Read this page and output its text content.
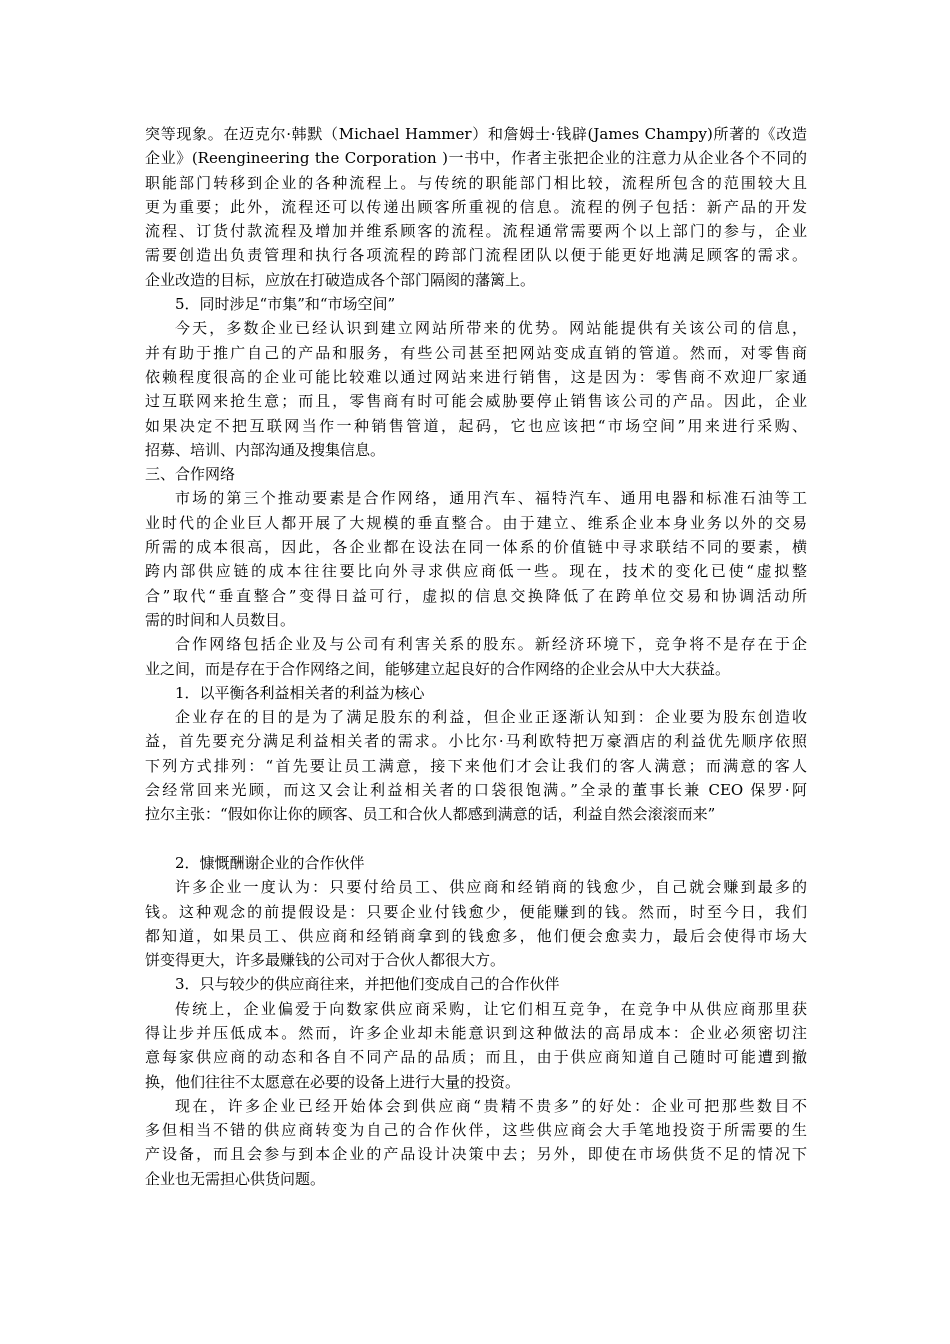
突等现象。在迈克尔·韩默（Michael Hammer）和詹姆士·钱辟(James Champy)所著的《改造
企业》(Reengineering the Corporation )一书中，作者主张把企业的注意力从企业各个不同的
职能部门转移到企业的各种流程上。与传统的职能部门相比较，流程所包含的范围较大且
更为重要；此外，流程还可以传递出顾客所重视的信息。流程的例子包括：新产品的开发
流程、订货付款流程及增加并维系顾客的流程。流程通常需要两个以上部门的参与，企业
需要创造出负责管理和执行各项流程的跨部门流程团队以便于能更好地满足顾客的需求。
企业改造的目标，应放在打破造成各个部门隔阂的藩篱上。
5．同时涉足“市集”和“市场空间”
今天，多数企业已经认识到建立网站所带来的优势。网站能提供有关该公司的信息，
并有助于推广自己的产品和服务，有些公司甚至把网站变成直销的管道。然而，对零售商
依赖程度很高的企业可能比较难以通过网站来进行销售，这是因为：零售商不欢迎厂家通
过互联网来抢生意；而且，零售商有时可能会威胁要停止销售该公司的产品。因此，企业
如果决定不把互联网当作一种销售管道，起码，它也应该把“市场空间”用来进行采购、
招募、培训、内部沟通及搜集信息。
三、合作网络
市场的第三个推动要素是合作网络，通用汽车、福特汽车、通用电器和标准石油等工
业时代的企业巨人都开展了大规模的垂直整合。由于建立、维系企业本身业务以外的交易
所需的成本很高，因此，各企业都在设法在同一体系的价值链中寻求联结不同的要素，横
跨内部供应链的成本往往要比向外寻求供应商低一些。现在，技术的变化已使“虚拟整
合”取代“垂直整合”变得日益可行，虚拟的信息交换降低了在跨单位交易和协调活动所
需的时间和人员数目。
合作网络包括企业及与公司有利害关系的股东。新经济环境下，竞争将不是存在于企
业之间，而是存在于合作网络之间，能够建立起良好的合作网络的企业会从中大大获益。
1．以平衡各利益相关者的利益为核心
企业存在的目的是为了满足股东的利益，但企业正逐渐认知到：企业要为股东创造收
益，首先要充分满足利益相关者的需求。小比尔·马利欧特把万豪酒店的利益优先顺序依照
下列方式排列：“首先要让员工满意，接下来他们才会让我们的客人满意；而满意的客人
会经常回来光顾，而这又会让利益相关者的口袋很饱满。”全录的董事长兼 CEO 保罗·阿
拉尔主张：“假如你让你的顾客、员工和合伙人都感到满意的话，利益自然会滚滚而来”
2．慷慨酬谢企业的合作伙伴
许多企业一度认为：只要付给员工、供应商和经销商的钱愈少，自己就会赚到最多的
钱。这种观念的前提假设是：只要企业付钱愈少，便能赚到的钱。然而，时至今日，我们
都知道，如果员工、供应商和经销商拿到的钱愈多，他们便会愈卖力，最后会使得市场大
饼变得更大，许多最赚钱的公司对于合伙人都很大方。
3．只与较少的供应商往来，并把他们变成自己的合作伙伴
传统上，企业偏爱于向数家供应商采购，让它们相互竞争，在竞争中从供应商那里获
得让步并压低成本。然而，许多企业却未能意识到这种做法的高昂成本：企业必须密切注
意每家供应商的动态和各自不同产品的品质；而且，由于供应商知道自己随时可能遭到撤
换，他们往往不太愿意在必要的设备上进行大量的投资。
现在，许多企业已经开始体会到供应商“贵精不贵多”的好处：企业可把那些数目不
多但相当不错的供应商转变为自己的合作伙伴，这些供应商会大手笔地投资于所需要的生
产设备，而且会参与到本企业的产品设计决策中去；另外，即使在市场供货不足的情况下
企业也无需担心供货问题。
